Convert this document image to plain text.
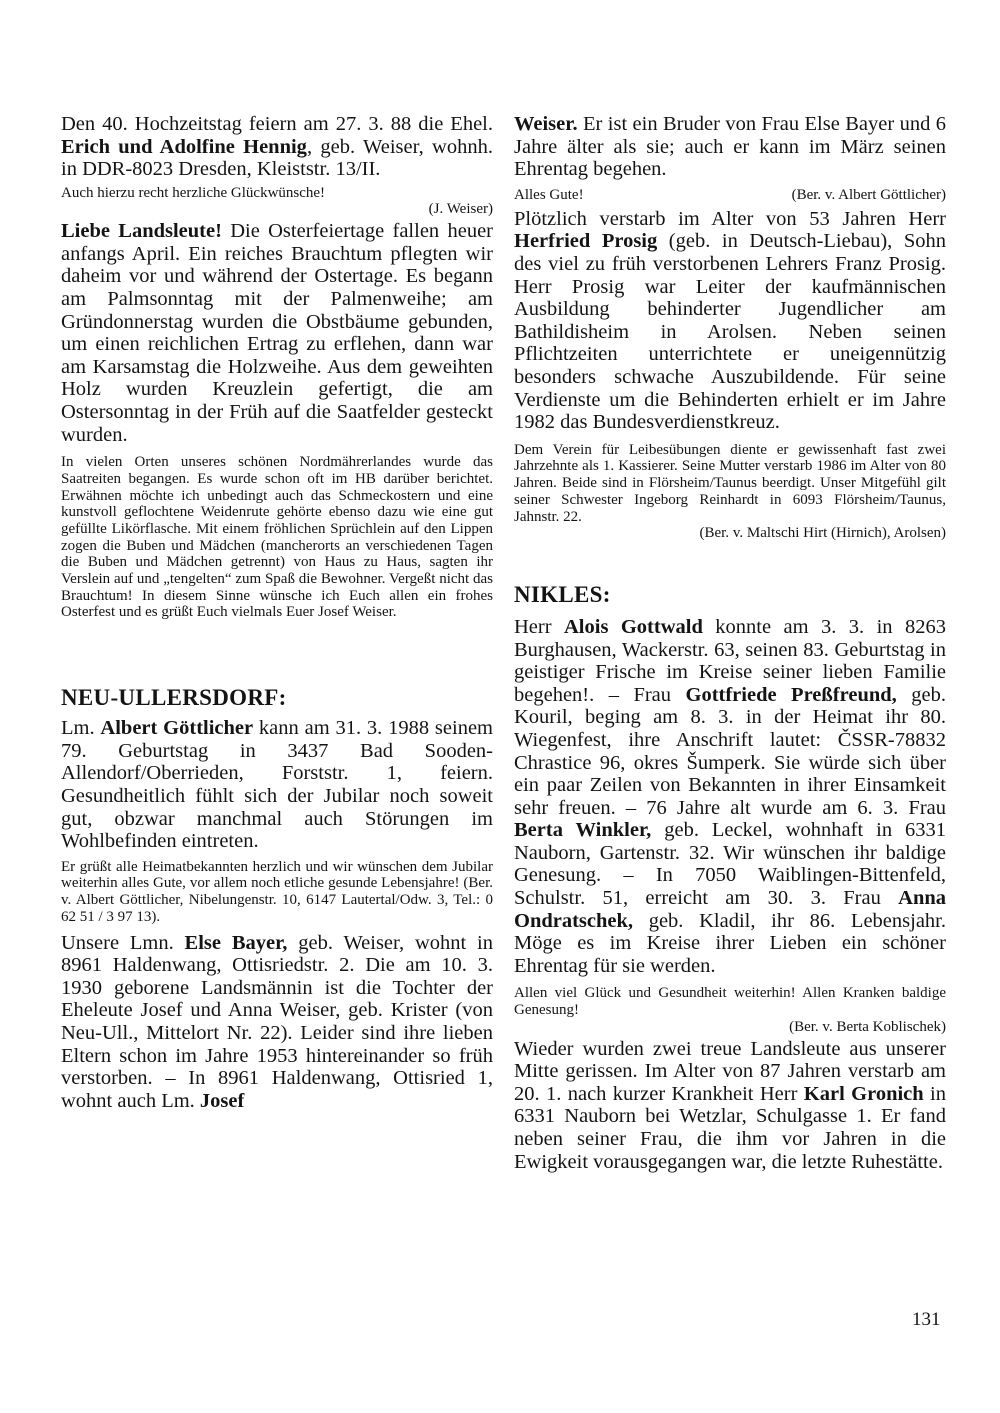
Den 40. Hochzeitstag feiern am 27. 3. 88 die Ehel. Erich und Adolfine Hennig, geb. Weiser, wohnh. in DDR-8023 Dresden, Kleiststr. 13/II.

Auch hierzu recht herzliche Glückwünsche!

(J. Weiser)

Liebe Landsleute! Die Osterfeiertage fallen heuer anfangs April. Ein reiches Brauchtum pflegten wir daheim vor und während der Ostertage. Es begann am Palmsonntag mit der Palmenweihe; am Gründonnerstag wurden die Obstbäume gebunden, um einen reichlichen Ertrag zu erflehen, dann war am Karsamstag die Holzweihe. Aus dem geweihten Holz wurden Kreuzlein gefertigt, die am Ostersonntag in der Früh auf die Saatfelder gesteckt wurden.

In vielen Orten unseres schönen Nordmährerlandes wurde das Saatreiten begangen. Es wurde schon oft im HB darüber berichtet. Erwähnen möchte ich unbedingt auch das Schmeckostern und eine kunstvoll geflochtene Weidenrute gehörte ebenso dazu wie eine gut gefüllte Likörflasche. Mit einem fröhlichen Sprüchlein auf den Lippen zogen die Buben und Mädchen (mancherorts an verschiedenen Tagen die Buben und Mädchen getrennt) von Haus zu Haus, sagten ihr Verslein auf und „tengelten“ zum Spaß die Bewohner. Vergeßt nicht das Brauchtum! In diesem Sinne wünsche ich Euch allen ein frohes Osterfest und es grüßt Euch vielmals Euer Josef Weiser.

NEU-ULLERSDORF:

Lm. Albert Göttlicher kann am 31. 3. 1988 seinem 79. Geburtstag in 3437 Bad Sooden-Allendorf/Oberrieden, Forststr. 1, feiern. Gesundheitlich fühlt sich der Jubilar noch soweit gut, obzwar manchmal auch Störungen im Wohlbefinden eintreten.

Er grüßt alle Heimatbekannten herzlich und wir wünschen dem Jubilar weiterhin alles Gute, vor allem noch etliche gesunde Lebensjahre! (Ber. v. Albert Göttlicher, Nibelungenstr. 10, 6147 Lautertal/Odw. 3, Tel.: 0 62 51 / 3 97 13).

Unsere Lmn. Else Bayer, geb. Weiser, wohnt in 8961 Haldenwang, Ottisriedstr. 2. Die am 10. 3. 1930 geborene Landsmännin ist die Tochter der Eheleute Josef und Anna Weiser, geb. Krister (von Neu-Ull., Mittelort Nr. 22). Leider sind ihre lieben Eltern schon im Jahre 1953 hintereinander so früh verstorben. – In 8961 Haldenwang, Ottisried 1, wohnt auch Lm. Josef

Weiser. Er ist ein Bruder von Frau Else Bayer und 6 Jahre älter als sie; auch er kann im März seinen Ehrentag begehen.

Alles Gute!	(Ber. v. Albert Göttlicher)

Plötzlich verstarb im Alter von 53 Jahren Herr Herfried Prosig (geb. in Deutsch-Liebau), Sohn des viel zu früh verstorbenen Lehrers Franz Prosig. Herr Prosig war Leiter der kaufmännischen Ausbildung behinderter Jugendlicher am Bathildisheim in Arolsen. Neben seinen Pflichtzeiten unterrichtete er uneigennützig besonders schwache Auszubildende. Für seine Verdienste um die Behinderten erhielt er im Jahre 1982 das Bundesverdienstkreuz.

Dem Verein für Leibesübungen diente er gewissenhaft fast zwei Jahrzehnte als 1. Kassierer. Seine Mutter verstarb 1986 im Alter von 80 Jahren. Beide sind in Flörsheim/Taunus beerdigt. Unser Mitgefühl gilt seiner Schwester Ingeborg Reinhardt in 6093 Flörsheim/Taunus, Jahnstr. 22.

(Ber. v. Maltschi Hirt (Hirnich), Arolsen)

NIKLES:

Herr Alois Gottwald konnte am 3. 3. in 8263 Burghausen, Wackerstr. 63, seinen 83. Geburtstag in geistiger Frische im Kreise seiner lieben Familie begehen!. – Frau Gottfriede Preßfreund, geb. Kouril, beging am 8. 3. in der Heimat ihr 80. Wiegenfest, ihre Anschrift lautet: ČSSR-78832 Chrastice 96, okres Šumperk. Sie würde sich über ein paar Zeilen von Bekannten in ihrer Einsamkeit sehr freuen. – 76 Jahre alt wurde am 6. 3. Frau Berta Winkler, geb. Leckel, wohnhaft in 6331 Nauborn, Gartenstr. 32. Wir wünschen ihr baldige Genesung. – In 7050 Waiblingen-Bittenfeld, Schulstr. 51, erreicht am 30. 3. Frau Anna Ondratschek, geb. Kladil, ihr 86. Lebensjahr. Möge es im Kreise ihrer Lieben ein schöner Ehrentag für sie werden.

Allen viel Glück und Gesundheit weiterhin! Allen Kranken baldige Genesung!

(Ber. v. Berta Koblischek)

Wieder wurden zwei treue Landsleute aus unserer Mitte gerissen. Im Alter von 87 Jahren verstarb am 20. 1. nach kurzer Krankheit Herr Karl Gronich in 6331 Nauborn bei Wetzlar, Schulgasse 1. Er fand neben seiner Frau, die ihm vor Jahren in die Ewigkeit vorausgegangen war, die letzte Ruhestätte.

131
